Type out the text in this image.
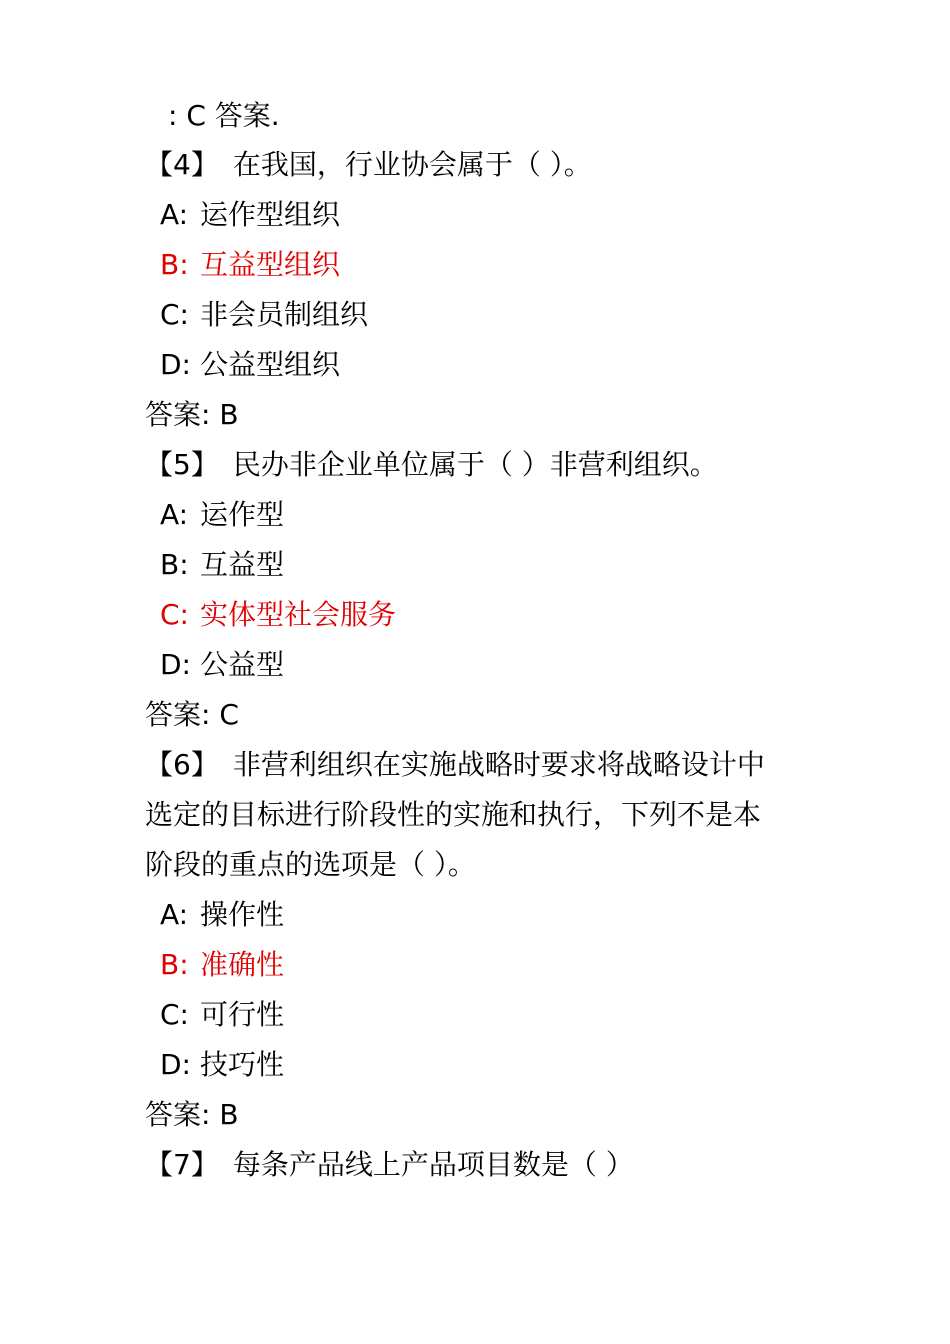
: C 答案.
【4】 在我国，行业协会属于（ ）。
A: 运作型组织
B: 互益型组织
C: 非会员制组织
D: 公益型组织
答案: B
【5】 民办非企业单位属于（ ）非营利组织。
A: 运作型
B: 互益型
C: 实体型社会服务
D: 公益型
答案: C
【6】 非营利组织在实施战略时要求将战略设计中
选定的目标进行阶段性的实施和执行，下列不是本
阶段的重点的选项是（ ）。
A: 操作性
B: 准确性
C: 可行性
D: 技巧性
答案: B
【7】 每条产品线上产品项目数是（ ）
